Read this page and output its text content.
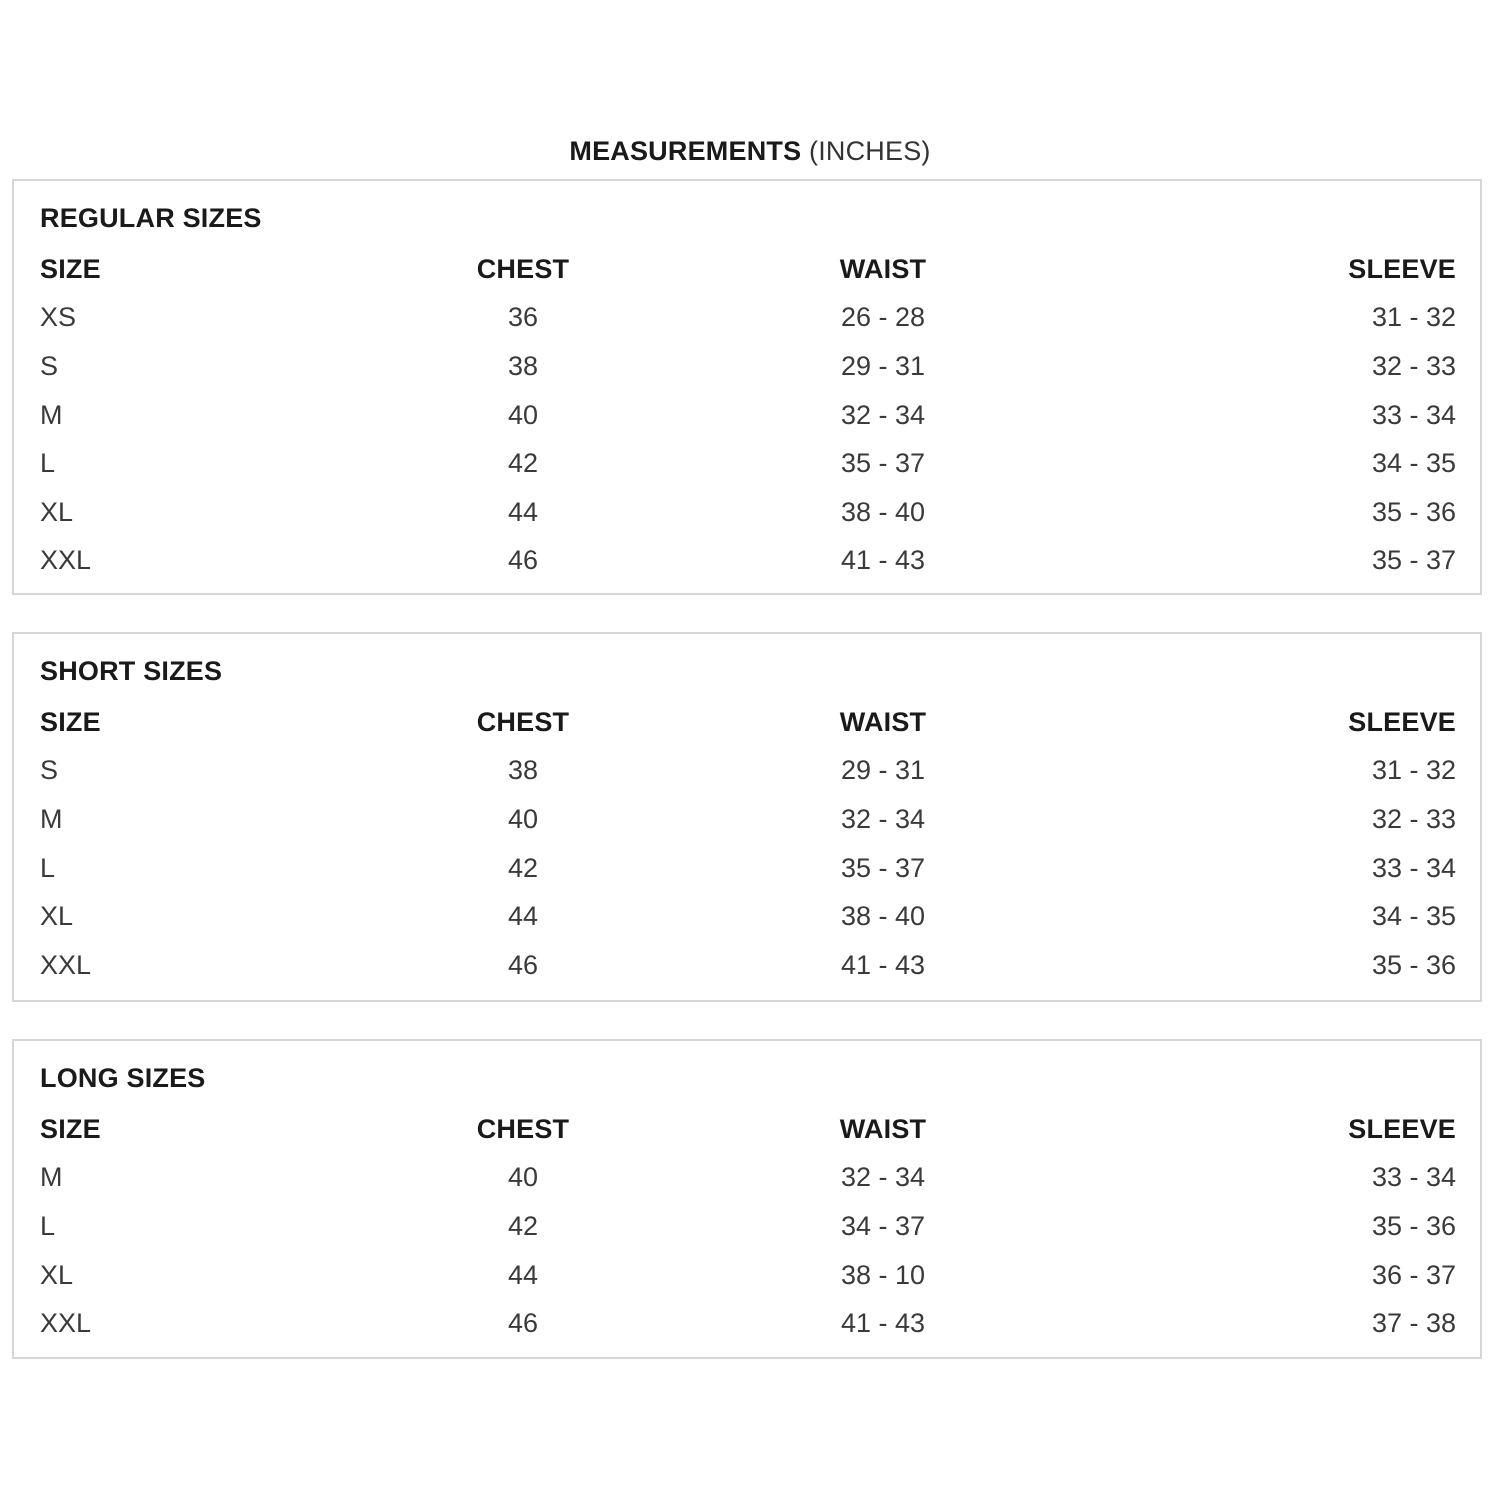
MEASUREMENTS (INCHES)
REGULAR SIZES
SIZE	CHEST	WAIST	SLEEVE
XS	36	26 - 28	31 - 32
S	38	29 - 31	32 - 33
M	40	32 - 34	33 - 34
L	42	35 - 37	34 - 35
XL	44	38 - 40	35 - 36
XXL	46	41 - 43	35 - 37
SHORT SIZES
SIZE	CHEST	WAIST	SLEEVE
S	38	29 - 31	31 - 32
M	40	32 - 34	32 - 33
L	42	35 - 37	33 - 34
XL	44	38 - 40	34 - 35
XXL	46	41 - 43	35 - 36
LONG SIZES
SIZE	CHEST	WAIST	SLEEVE
M	40	32 - 34	33 - 34
L	42	34 - 37	35 - 36
XL	44	38 - 10	36 - 37
XXL	46	41 - 43	37 - 38
